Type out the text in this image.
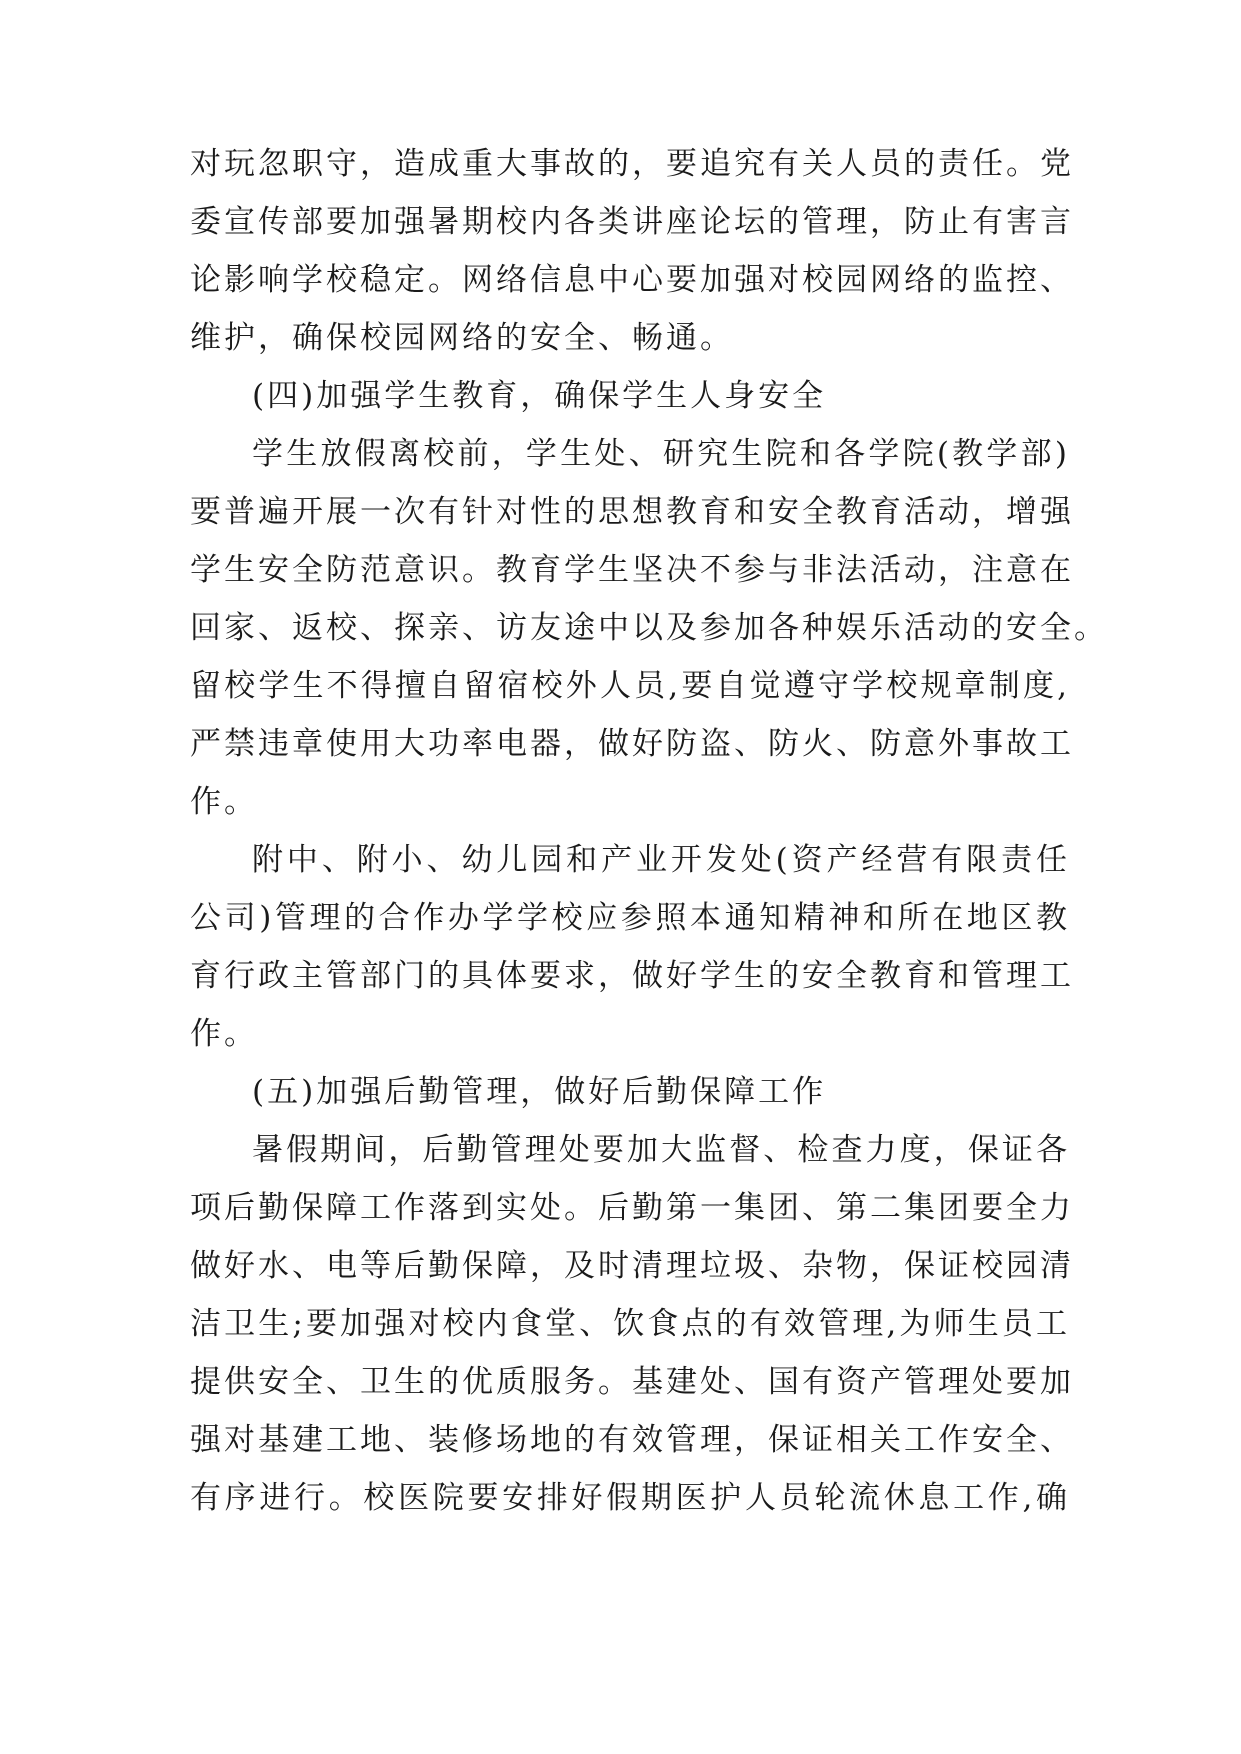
对玩忽职守，造成重大事故的，要追究有关人员的责任。党

委宣传部要加强暑期校内各类讲座论坛的管理，防止有害言

论影响学校稳定。网络信息中心要加强对校园网络的监控、

维护，确保校园网络的安全、畅通。

(四)加强学生教育，确保学生人身安全

学生放假离校前，学生处、研究生院和各学院(教学部)

要普遍开展一次有针对性的思想教育和安全教育活动，增强

学生安全防范意识。教育学生坚决不参与非法活动，注意在

回家、返校、探亲、访友途中以及参加各种娱乐活动的安全。

留校学生不得擅自留宿校外人员,要自觉遵守学校规章制度,

严禁违章使用大功率电器，做好防盗、防火、防意外事故工

作。

附中、附小、幼儿园和产业开发处(资产经营有限责任

公司)管理的合作办学学校应参照本通知精神和所在地区教

育行政主管部门的具体要求，做好学生的安全教育和管理工

作。

(五)加强后勤管理，做好后勤保障工作

暑假期间，后勤管理处要加大监督、检查力度，保证各

项后勤保障工作落到实处。后勤第一集团、第二集团要全力

做好水、电等后勤保障，及时清理垃圾、杂物，保证校园清

洁卫生;要加强对校内食堂、饮食点的有效管理,为师生员工

提供安全、卫生的优质服务。基建处、国有资产管理处要加

强对基建工地、装修场地的有效管理，保证相关工作安全、

有序进行。校医院要安排好假期医护人员轮流休息工作,确
